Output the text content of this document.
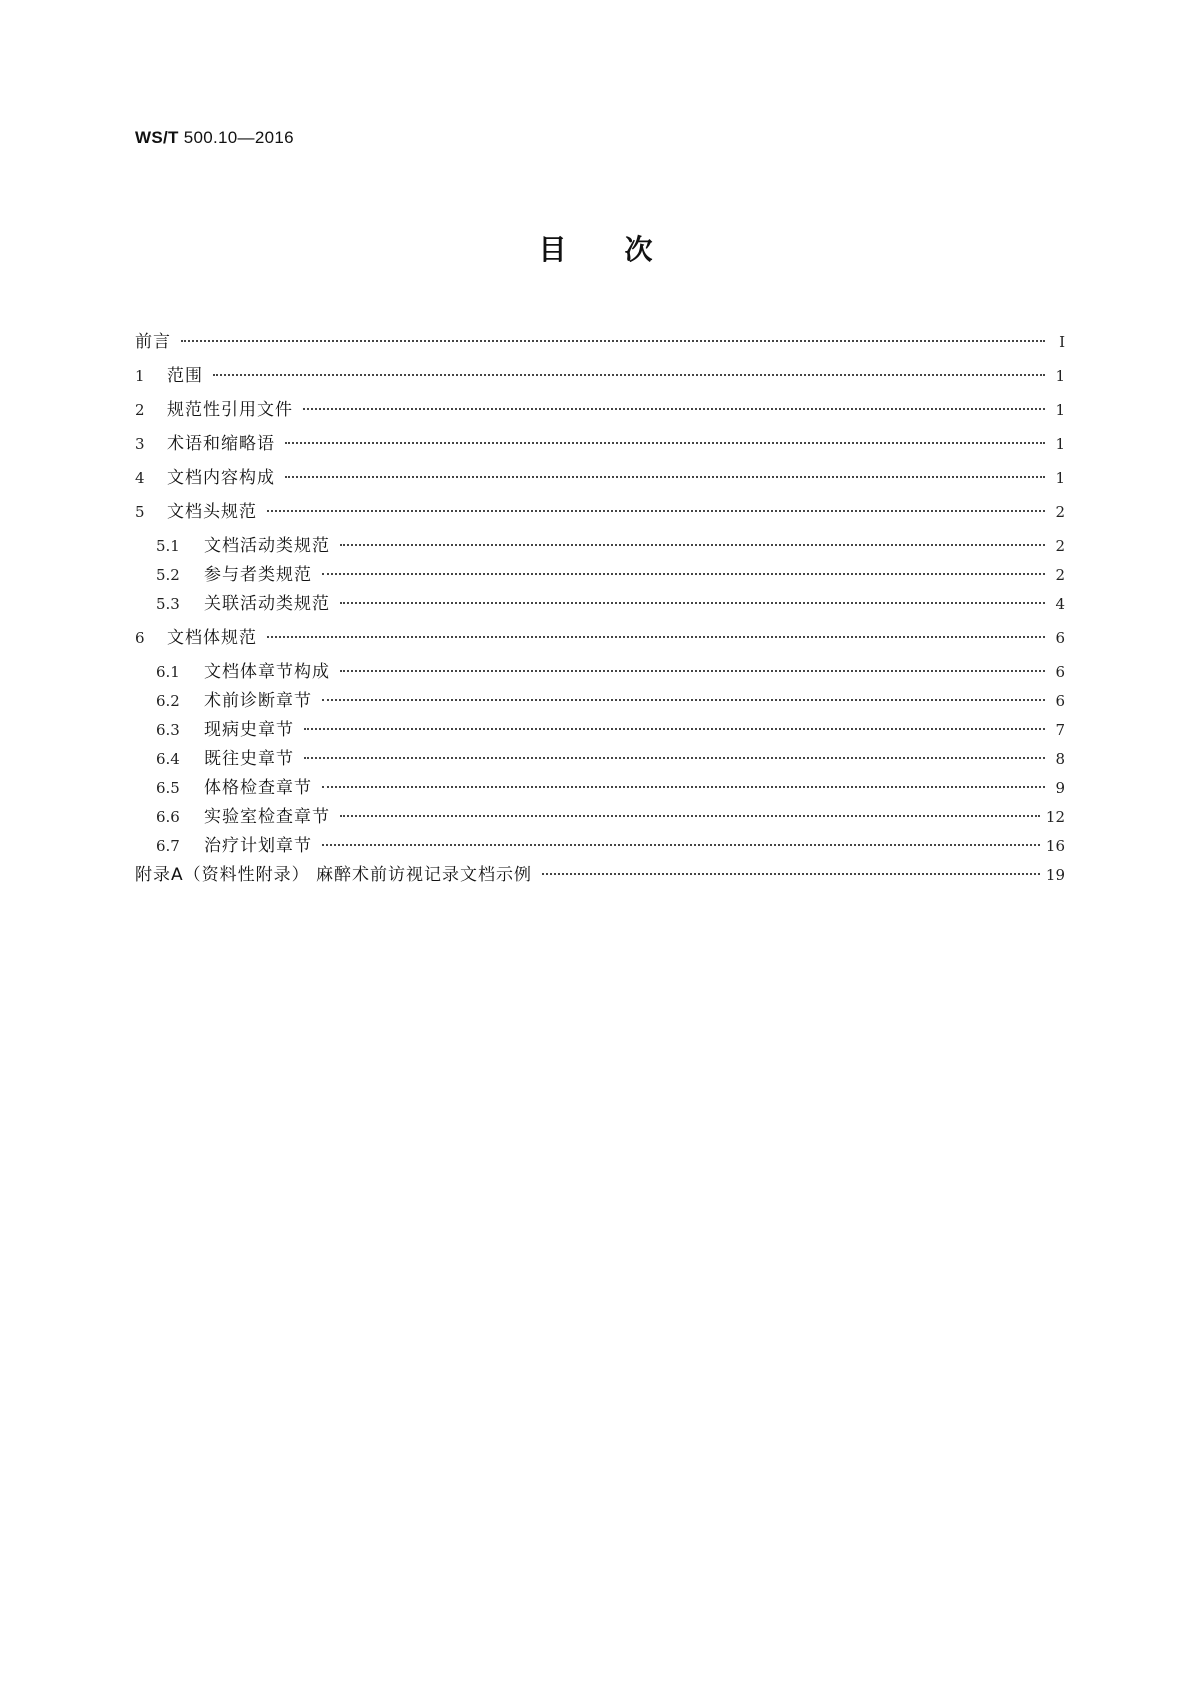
WS/T 500.10—2016
目 次
前言	Ⅰ
1	范围	1
2	规范性引用文件	1
3	术语和缩略语	1
4	文档内容构成	1
5	文档头规范	2
5.1	文档活动类规范	2
5.2	参与者类规范	2
5.3	关联活动类规范	4
6	文档体规范	6
6.1	文档体章节构成	6
6.2	术前诊断章节	6
6.3	现病史章节	7
6.4	既往史章节	8
6.5	体格检查章节	9
6.6	实验室检查章节	12
6.7	治疗计划章节	16
附录A（资料性附录） 麻醉术前访视记录文档示例	19
